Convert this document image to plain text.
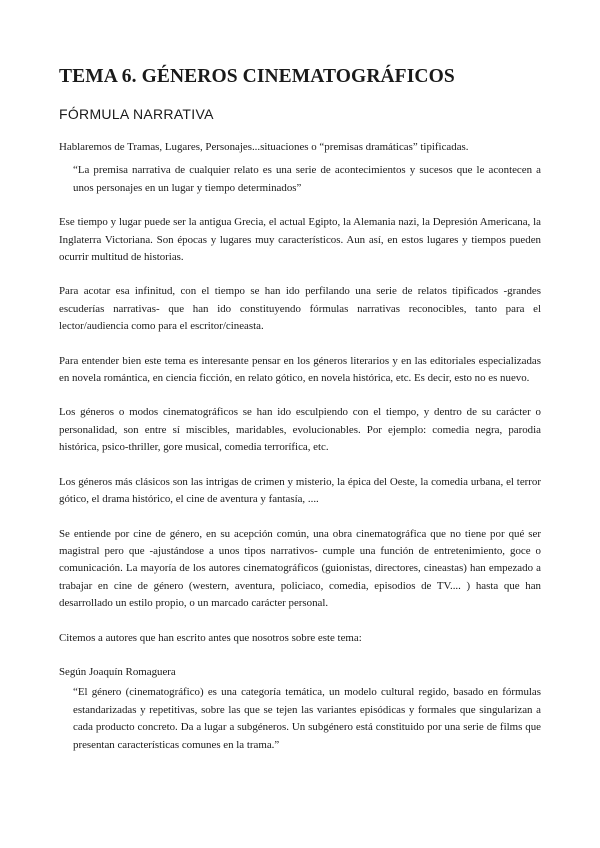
TEMA 6. GÉNEROS CINEMATOGRÁFICOS
FÓRMULA NARRATIVA

Hablaremos de Tramas, Lugares, Personajes...situaciones o “premisas dramáticas” tipificadas.

“La premisa narrativa de cualquier relato es una serie de acontecimientos y sucesos que le acontecen a unos personajes en un lugar y tiempo determinados”

Ese tiempo y lugar puede ser la antigua Grecia, el actual Egipto, la Alemania nazi, la Depresión Americana, la Inglaterra Victoriana. Son épocas y lugares muy característicos. Aun así, en estos lugares y tiempos pueden ocurrir multitud de historias.

Para acotar esa infinitud, con el tiempo se han ido perfilando una serie de relatos tipificados -grandes escuderías narrativas- que han ido constituyendo fórmulas narrativas reconocibles, tanto para el lector/audiencia como para el escritor/cineasta.

Para entender bien este tema es interesante pensar en los géneros literarios y en las editoriales especializadas en novela romántica, en ciencia ficción, en relato gótico, en novela histórica, etc. Es decir, esto no es nuevo.

Los géneros o modos cinematográficos se han ido esculpiendo con el tiempo, y dentro de su carácter o personalidad, son entre sí miscibles, maridables, evolucionables. Por ejemplo: comedia negra, parodia histórica, psico-thriller, gore musical, comedia terrorífica, etc.

Los géneros más clásicos son las intrigas de crimen y misterio, la épica del Oeste, la comedia urbana, el terror gótico, el drama histórico, el cine de aventura y fantasía, ....

Se entiende por cine de género, en su acepción común, una obra cinematográfica que no tiene por qué ser magistral pero que -ajustándose a unos tipos narrativos- cumple una función de entretenimiento, goce o comunicación. La mayoría de los autores cinematográficos (guionistas, directores, cineastas) han empezado a trabajar en cine de género (western, aventura, policiaco, comedia, episodios de TV.... ) hasta que han desarrollado un estilo propio, o un marcado carácter personal.

Citemos a autores que han escrito antes que nosotros sobre este tema:

Según Joaquín Romaguera

“El género (cinematográfico) es una categoría temática, un modelo cultural regido, basado en fórmulas estandarizadas y repetitivas, sobre las que se tejen las variantes episódicas y formales que singularizan a cada producto concreto. Da a lugar a subgéneros. Un subgénero está constituido por una serie de films que presentan características comunes en la trama.”
